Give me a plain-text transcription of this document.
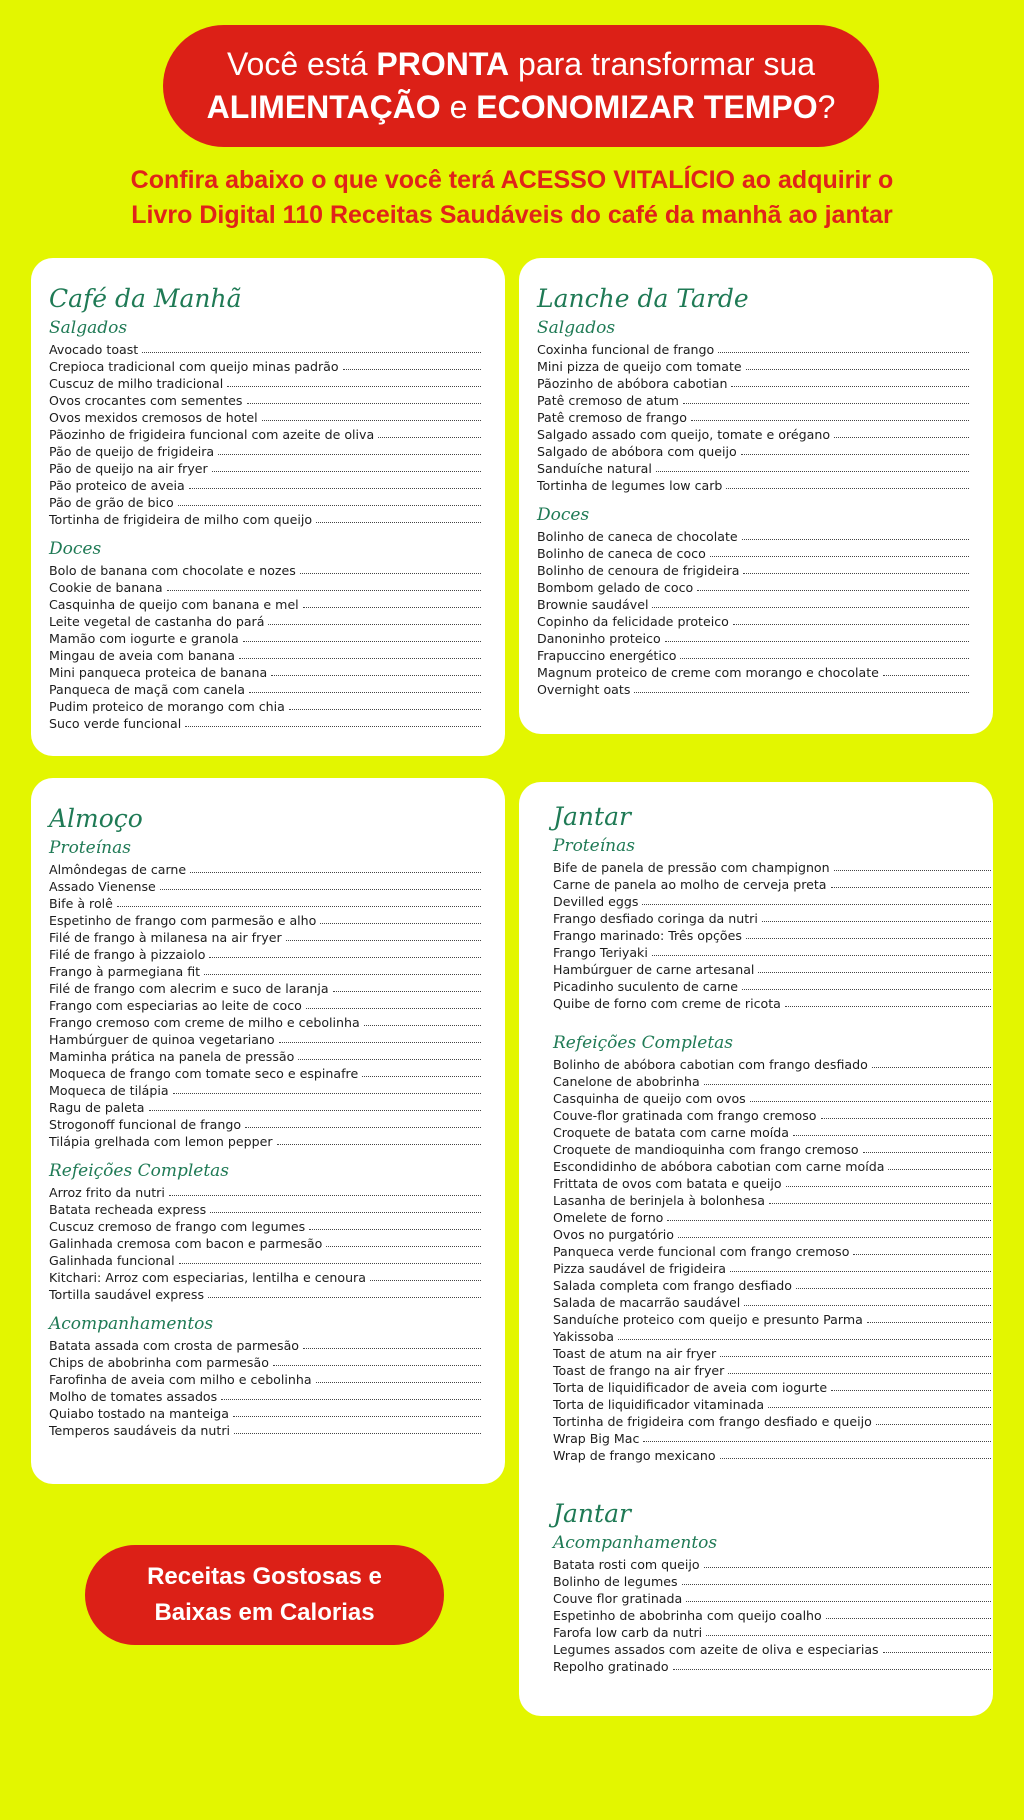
Você está PRONTA para transformar sua
ALIMENTAÇÃO e ECONOMIZAR TEMPO?
Confira abaixo o que você terá ACESSO VITALÍCIO ao adquirir o
Livro Digital 110 Receitas Saudáveis do café da manhã ao jantar
Café da Manhã
Salgados
Avocado toast
Crepioca tradicional com queijo minas padrão
Cuscuz de milho tradicional
Ovos crocantes com sementes
Ovos mexidos cremosos de hotel
Pãozinho de frigideira funcional com azeite de oliva
Pão de queijo de frigideira
Pão de queijo na air fryer
Pão proteico de aveia
Pão de grão de bico
Tortinha de frigideira de milho com queijo
Doces
Bolo de banana com chocolate e nozes
Cookie de banana
Casquinha de queijo com banana e mel
Leite vegetal de castanha do pará
Mamão com iogurte e granola
Mingau de aveia com banana
Mini panqueca proteica de banana
Panqueca de maçã com canela
Pudim proteico de morango com chia
Suco verde funcional
Lanche da Tarde
Salgados
Coxinha funcional de frango
Mini pizza de queijo com tomate
Pãozinho de abóbora cabotian
Patê cremoso de atum
Patê cremoso de frango
Salgado assado com queijo, tomate e orégano
Salgado de abóbora com queijo
Sanduíche natural
Tortinha de legumes low carb
Doces
Bolinho de caneca de chocolate
Bolinho de caneca de coco
Bolinho de cenoura de frigideira
Bombom gelado de coco
Brownie saudável
Copinho da felicidade proteico
Danoninho proteico
Frapuccino energético
Magnum proteico de creme com morango e chocolate
Overnight oats
Almoço
Proteínas
Almôndegas de carne
Assado Vienense
Bife à rolê
Espetinho de frango com parmesão e alho
Filé de frango à milanesa na air fryer
Filé de frango à pizzaiolo
Frango à parmegiana fit
Filé de frango com alecrim e suco de laranja
Frango com especiarias ao leite de coco
Frango cremoso com creme de milho e cebolinha
Hambúrguer de quinoa vegetariano
Maminha prática na panela de pressão
Moqueca de frango com tomate seco e espinafre
Moqueca de tilápia
Ragu de paleta
Strogonoff funcional de frango
Tilápia grelhada com lemon pepper
Refeições Completas
Arroz frito da nutri
Batata recheada express
Cuscuz cremoso de frango com legumes
Galinhada cremosa com bacon e parmesão
Galinhada funcional
Kitchari: Arroz com especiarias, lentilha e cenoura
Tortilla saudável express
Acompanhamentos
Batata assada com crosta de parmesão
Chips de abobrinha com parmesão
Farofinha de aveia com milho e cebolinha
Molho de tomates assados
Quiabo tostado na manteiga
Temperos saudáveis da nutri
Jantar
Proteínas
Bife de panela de pressão com champignon
Carne de panela ao molho de cerveja preta
Devilled eggs
Frango desfiado coringa da nutri
Frango marinado: Três opções
Frango Teriyaki
Hambúrguer de carne artesanal
Picadinho suculento de carne
Quibe de forno com creme de ricota
Refeições Completas
Bolinho de abóbora cabotian com frango desfiado
Canelone de abobrinha
Casquinha de queijo com ovos
Couve-flor gratinada com frango cremoso
Croquete de batata com carne moída
Croquete de mandioquinha com frango cremoso
Escondidinho de abóbora cabotian com carne moída
Frittata de ovos com batata e queijo
Lasanha de berinjela à bolonhesa
Omelete de forno
Ovos no purgatório
Panqueca verde funcional com frango cremoso
Pizza saudável de frigideira
Salada completa com frango desfiado
Salada de macarrão saudável
Sanduíche proteico com queijo e presunto Parma
Yakissoba
Toast de atum na air fryer
Toast de frango na air fryer
Torta de liquidificador de aveia com iogurte
Torta de liquidificador vitaminada
Tortinha de frigideira com frango desfiado e queijo
Wrap Big Mac
Wrap de frango mexicano
Jantar
Acompanhamentos
Batata rosti com queijo
Bolinho de legumes
Couve flor gratinada
Espetinho de abobrinha com queijo coalho
Farofa low carb da nutri
Legumes assados com azeite de oliva e especiarias
Repolho gratinado
Receitas Gostosas e
Baixas em Calorias
